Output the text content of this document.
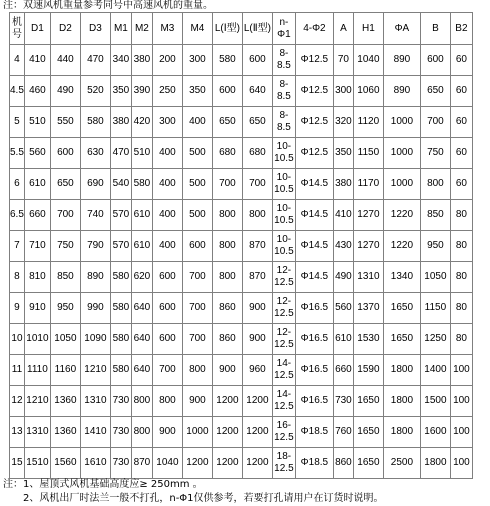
注：双速风机重量参考同号中高速风机的重量。
机号	D1	D2	D3	M1	M2	M3	M4	L(Ⅰ型)	L(Ⅱ型)	n-Φ1	4-Φ2	A	H1	ΦA	B	B2
4	410	440	470	340	380	200	300	580	600	8-8.5	Φ12.5	70	1040	890	600	60
4.5	460	490	520	350	390	250	350	600	640	8-8.5	Φ12.5	300	1060	890	650	60
5	510	550	580	380	420	300	400	650	650	8-8.5	Φ12.5	320	1120	1000	700	60
5.5	560	600	630	470	510	400	500	680	680	10-10.5	Φ12.5	350	1150	1000	750	60
6	610	650	690	540	580	400	500	700	700	10-10.5	Φ14.5	380	1170	1000	800	60
6.5	660	700	740	570	610	400	500	800	800	10-10.5	Φ14.5	410	1270	1220	850	80
7	710	750	790	570	610	400	600	800	870	10-10.5	Φ14.5	430	1270	1220	950	80
8	810	850	890	580	620	600	700	800	870	12-12.5	Φ14.5	490	1310	1340	1050	80
9	910	950	990	580	640	600	700	860	900	12-12.5	Φ16.5	560	1370	1650	1150	80
10	1010	1050	1090	580	640	600	700	860	900	12-12.5	Φ16.5	610	1530	1650	1250	80
11	1110	1160	1210	580	640	700	800	900	960	14-12.5	Φ16.5	660	1590	1800	1400	100
12	1210	1360	1310	730	800	800	900	1200	1200	14-12.5	Φ16.5	730	1650	1800	1500	100
13	1310	1360	1410	730	800	900	1000	1200	1200	16-12.5	Φ18.5	760	1650	1800	1600	100
15	1510	1560	1610	730	870	1040	1200	1200	1200	18-12.5	Φ18.5	860	1650	2500	1800	100
注：1、屋顶式风机基础高度应≥ 250mm 。
2、风机出厂时法兰一般不打孔，n-Φ1仅供参考，若要打孔请用户在订货时说明。
